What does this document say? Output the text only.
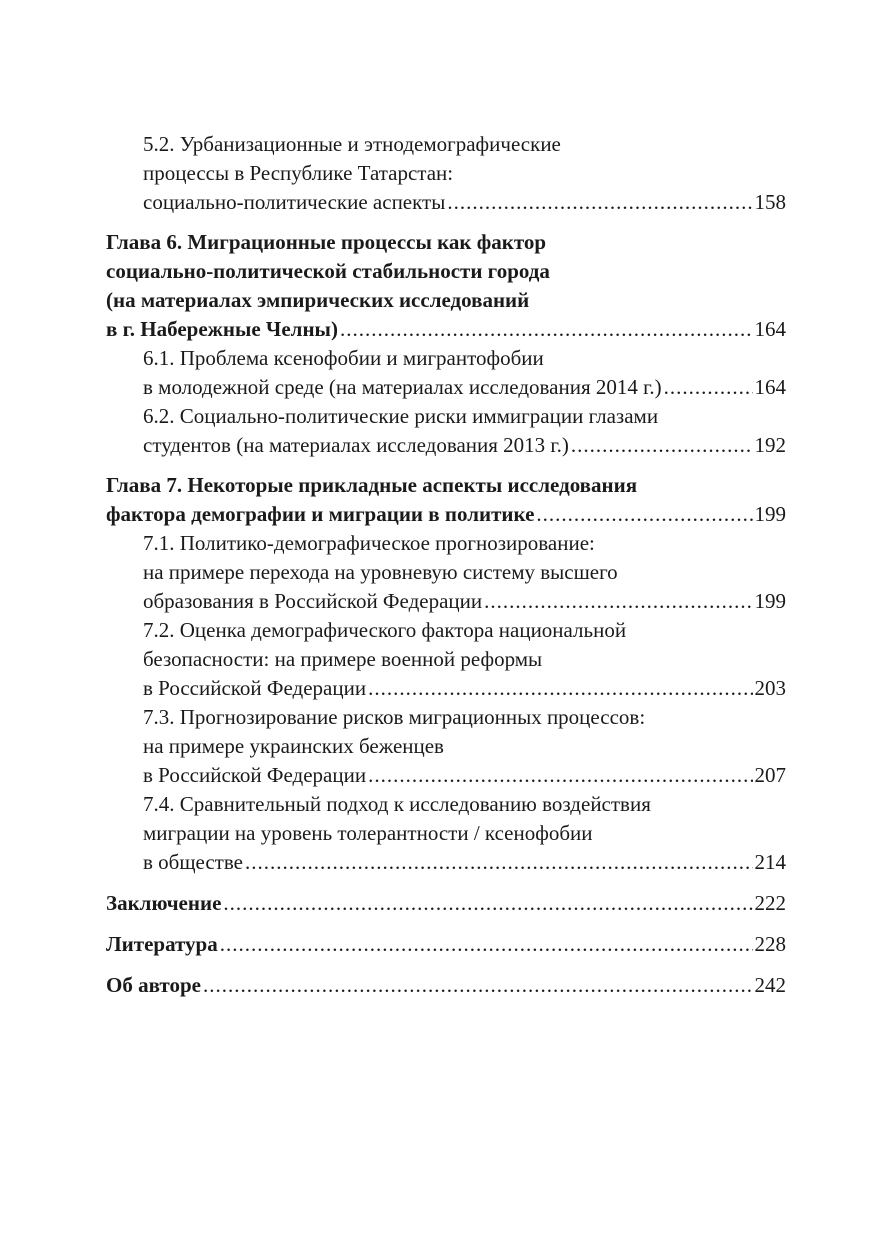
5.2. Урбанизационные и этнодемографические
процессы в Республике Татарстан:
социально-политические аспекты .....	158
Глава 6. Миграционные процессы как фактор
социально-политической стабильности города
(на материалах эмпирических исследований
в г. Набережные Челны) .....	164
6.1. Проблема ксенофобии и мигрантофобии
в молодежной среде (на материалах исследования 2014 г.) .....	164
6.2. Социально-политические риски иммиграции глазами
студентов (на материалах исследования 2013 г.) .....	192
Глава 7. Некоторые прикладные аспекты исследования
фактора демографии и миграции в политике .....	199
7.1. Политико-демографическое прогнозирование:
на примере перехода на уровневую систему высшего
образования в Российской Федерации .....	199
7.2. Оценка демографического фактора национальной
безопасности: на примере военной реформы
в Российской Федерации .....	203
7.3. Прогнозирование рисков миграционных процессов:
на примере украинских беженцев
в Российской Федерации .....	207
7.4. Сравнительный подход к исследованию воздействия
миграции на уровень толерантности / ксенофобии
в обществе .....	214
Заключение .....	222
Литература .....	228
Об авторе .....	242
